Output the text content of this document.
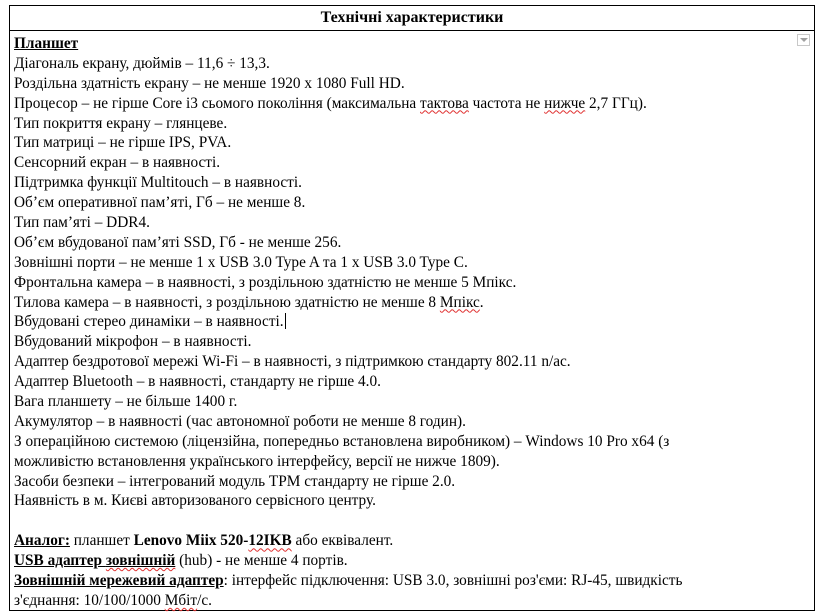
Технічні характеристики
Планшет
Діагональ екрану, дюймів – 11,6 ÷ 13,3.
Роздільна здатність екрану – не менше 1920 х 1080 Full HD.
Процесор – не гірше Core i3 сьомого покоління (максимальна тактова частота не нижче 2,7 ГГц).
Тип покриття екрану – глянцеве.
Тип матриці – не гірше IPS, PVA.
Сенсорний екран – в наявності.
Підтримка функції Multitouch – в наявності.
Об’єм оперативної пам’яті, Гб – не менше 8.
Тип пам’яті – DDR4.
Об’єм вбудованої пам’яті SSD, Гб - не менше 256.
Зовнішні порти – не менше 1 x USB 3.0 Type A та 1 x USB 3.0 Type C.
Фронтальна камера – в наявності, з роздільною здатністю не менше 5 Мпікс.
Тилова камера – в наявності, з роздільною здатністю не менше 8 Мпікс.
Вбудовані стерео динаміки – в наявності.
Вбудований мікрофон – в наявності.
Адаптер бездротової мережі Wi-Fi – в наявності, з підтримкою стандарту 802.11 n/ac.
Адаптер Bluetooth – в наявності, стандарту не гірше 4.0.
Вага планшету – не більше 1400 г.
Акумулятор – в наявності (час автономної роботи не менше 8 годин).
З операційною системою (ліцензійна, попередньо встановлена виробником) – Windows 10 Pro x64 (з
можливістю встановлення українського інтерфейсу, версії не нижче 1809).
Засоби безпеки – інтегрований модуль TPM стандарту не гірше 2.0.
Наявність в м. Києві авторизованого сервісного центру.
Аналог: планшет Lenovo Miix 520-12IKB або еквівалент.
USB адаптер зовнішній (hub) - не менше 4 портів.
Зовнішній мережевий адаптер: інтерфейс підключення: USB 3.0, зовнішні роз'єми: RJ-45, швидкість
з'єднання: 10/100/1000 Мбіт/с.
